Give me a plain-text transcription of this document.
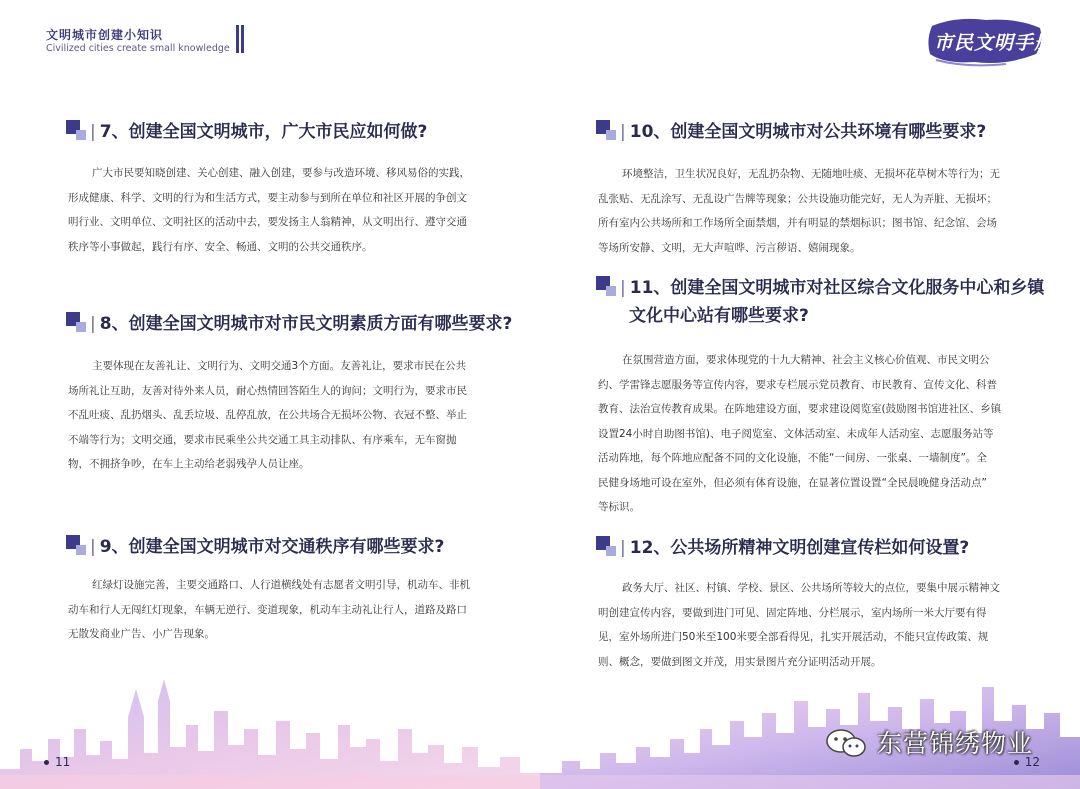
文明城市创建小知识
Civilized cities create small knowledge
| 7、创建全国文明城市，广大市民应如何做?
广大市民要知晓创建、关心创建、融入创建，要参与改造环境、移风易俗的实践，
形成健康、科学、文明的行为和生活方式，要主动参与到所在单位和社区开展的争创文
明行业、文明单位、文明社区的活动中去，要发扬主人翁精神，从文明出行、遵守交通
秩序等小事做起，践行有序、安全、畅通、文明的公共交通秩序。
| 8、创建全国文明城市对市民文明素质方面有哪些要求?
主要体现在友善礼让、文明行为、文明交通3个方面。友善礼让，要求市民在公共
场所礼让互助，友善对待外来人员，耐心热情回答陌生人的询问；文明行为，要求市民
不乱吐痰、乱扔烟头、乱丢垃圾、乱停乱放，在公共场合无损坏公物、衣冠不整、举止
不端等行为；文明交通，要求市民乘坐公共交通工具主动排队、有序乘车，无车窗抛
物，不拥挤争吵，在车上主动给老弱残孕人员让座。
| 9、创建全国文明城市对交通秩序有哪些要求?
红绿灯设施完善，主要交通路口、人行道横线处有志愿者文明引导，机动车、非机
动车和行人无闯红灯现象，车辆无逆行、变道现象，机动车主动礼让行人，道路及路口
无散发商业广告、小广告现象。
11
市民文明手册
| 10、创建全国文明城市对公共环境有哪些要求?
环境整洁，卫生状况良好，无乱扔杂物、无随地吐痰、无损坏花草树木等行为；无
乱张贴、无乱涂写、无乱设广告牌等现象；公共设施功能完好，无人为弄脏、无损坏；
所有室内公共场所和工作场所全面禁烟，并有明显的禁烟标识；图书馆、纪念馆、会场
等场所安静、文明，无大声喧哗、污言秽语、嬉闹现象。
| 11、创建全国文明城市对社区综合文化服务中心和乡镇
文化中心站有哪些要求?
在氛围营造方面，要求体现党的十九大精神、社会主义核心价值观、市民文明公
约、学雷锋志愿服务等宣传内容，要求专栏展示党员教育、市民教育、宣传文化、科普
教育、法治宣传教育成果。在阵地建设方面，要求建设阅览室(鼓励图书馆进社区、乡镇
设置24小时自助图书馆)、电子阅览室、文体活动室、未成年人活动室、志愿服务站等
活动阵地，每个阵地应配备不同的文化设施，不能“一间房、一张桌、一墙制度”。全
民健身场地可设在室外，但必须有体育设施，在显著位置设置“全民晨晚健身活动点”
等标识。
| 12、公共场所精神文明创建宣传栏如何设置?
政务大厅、社区、村镇、学校、景区、公共场所等较大的点位，要集中展示精神文
明创建宣传内容，要做到进门可见、固定阵地、分栏展示，室内场所一米大厅要有得
见，室外场所进门50米至100米要全部看得见，扎实开展活动，不能只宣传政策、规
则、概念，要做到图文并茂，用实景图片充分证明活动开展。
12
东营锦绣物业
